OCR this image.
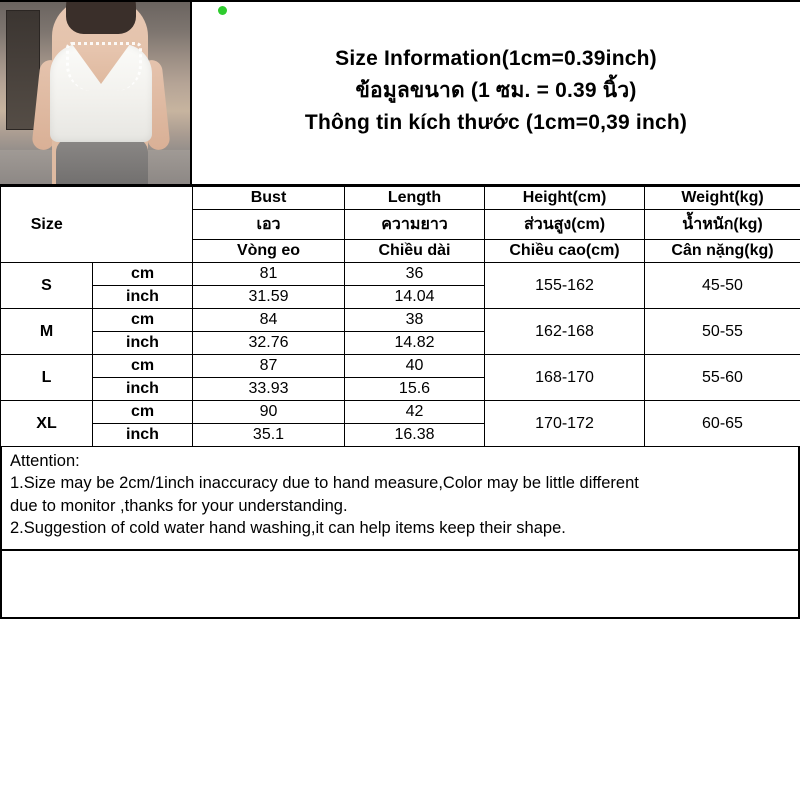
Size Information(1cm=0.39inch)
ข้อมูลขนาด (1 ซม. = 0.39 นิ้ว)
Thông tin kích thước (1cm=0,39 inch)
Size		Bust	Length	Height(cm)	Weight(kg)
		เอว	ความยาว	ส่วนสูง(cm)	น้ำหนัก(kg)
		Vòng eo	Chiều dài	Chiều cao(cm)	Cân nặng(kg)
S	cm	81	36	155-162	45-50
	inch	31.59	14.04		
M	cm	84	38	162-168	50-55
	inch	32.76	14.82		
L	cm	87	40	168-170	55-60
	inch	33.93	15.6		
XL	cm	90	42	170-172	60-65
	inch	35.1	16.38		

Attention:

1.Size may be 2cm/1inch inaccuracy due to hand measure,Color may be little different

due to monitor ,thanks for your understanding.

2.Suggestion of cold water hand washing,it can help items keep their shape.
